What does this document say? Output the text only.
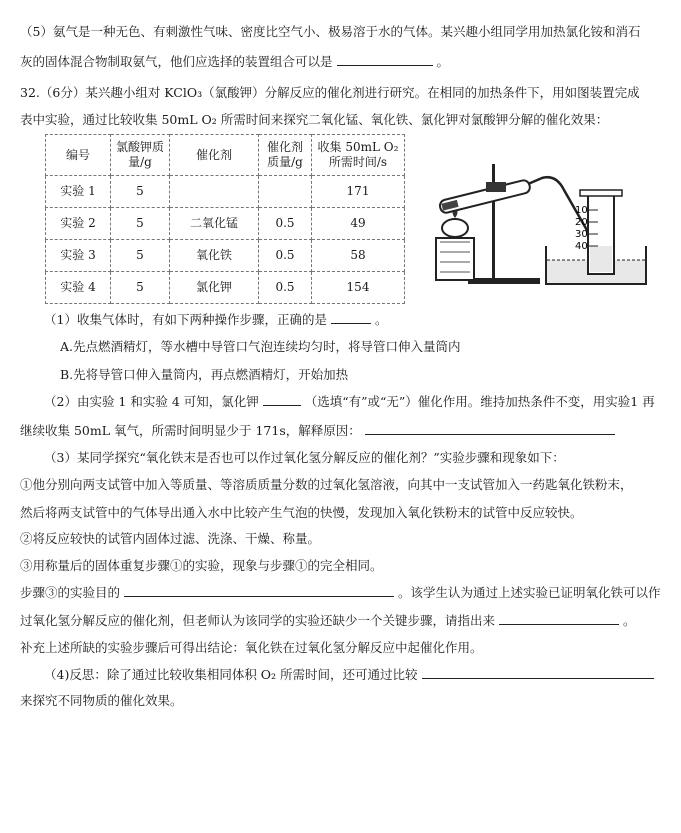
（5）氨气是一种无色、有刺激性气味、密度比空气小、极易溶于水的气体。某兴趣小组同学用加热氯化铵和消石
灰的固体混合物制取氨气，他们应选择的装置组合可以是	。
32.（6分）某兴趣小组对 KClO₃（氯酸钾）分解反应的催化剂进行研究。在相同的加热条件下，用如图装置完成
表中实验，通过比较收集 50mL O₂ 所需时间来探究二氧化锰、氧化铁、氯化钾对氯酸钾分解的催化效果：
编号	氯酸钾质量/g	催化剂	催化剂质量/g	收集 50mL O₂所需时间/s
实验 1	5			171
实验 2	5	二氧化锰	0.5	49
实验 3	5	氧化铁	0.5	58
实验 4	5	氯化钾	0.5	154
10
20
30
40
（1）收集气体时，有如下两种操作步骤，正确的是	。
A.先点燃酒精灯，等水槽中导管口气泡连续均匀时，将导管口伸入量筒内
B.先将导管口伸入量筒内，再点燃酒精灯，开始加热
（2）由实验 1 和实验 4 可知，氯化钾	（选填“有”或“无”）催化作用。维持加热条件不变，用实验1 再
继续收集 50mL 氧气，所需时间明显少于 171s，解释原因：
（3）某同学探究“氧化铁末是否也可以作过氧化氢分解反应的催化剂？”实验步骤和现象如下：
①他分别向两支试管中加入等质量、等溶质质量分数的过氧化氢溶液，向其中一支试管加入一药匙氧化铁粉末，
然后将两支试管中的气体导出通入水中比较产生气泡的快慢，发现加入氧化铁粉末的试管中反应较快。
②将反应较快的试管内固体过滤、洗涤、干燥、称量。
③用称量后的固体重复步骤①的实验，现象与步骤①的完全相同。
步骤③的实验目的	。该学生认为通过上述实验已证明氧化铁可以作
过氧化氢分解反应的催化剂，但老师认为该同学的实验还缺少一个关键步骤，请指出来	。
补充上述所缺的实验步骤后可得出结论：氧化铁在过氧化氢分解反应中起催化作用。
（4)反思：除了通过比较收集相同体积 O₂ 所需时间，还可通过比较
来探究不同物质的催化效果。
